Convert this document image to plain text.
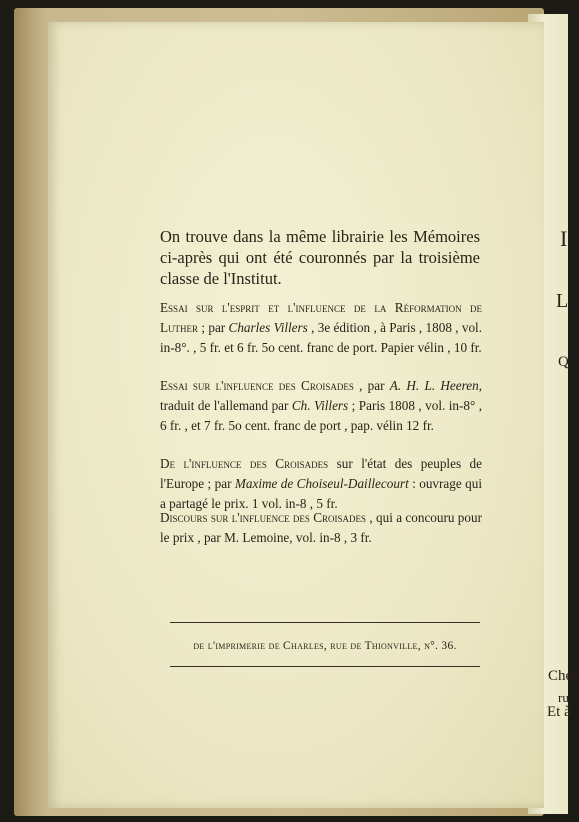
I
L
Q
Chez
ru
Et à
On trouve dans la même librairie les Mémoires ci-après qui ont été couronnés par la troisième classe de l'Institut.
Essai sur l'esprit et l'influence de la Réformation de Luther ; par Charles Villers , 3e édition , à Paris , 1808 , vol. in-8°. , 5 fr. et 6 fr. 5o cent. franc de port. Papier vélin , 10 fr.
Essai sur l'influence des Croisades , par A. H. L. Heeren, traduit de l'allemand par Ch. Villers ; Paris 1808 , vol. in-8° , 6 fr. , et 7 fr. 5o cent. franc de port , pap. vélin 12 fr.
De l'influence des Croisades sur l'état des peuples de l'Europe ; par Maxime de Choiseul-Daillecourt : ouvrage qui a partagé le prix. 1 vol. in-8 , 5 fr.
Discours sur l'influence des Croisades , qui a concouru pour le prix , par M. Lemoine, vol. in-8 , 3 fr.
de l'imprimerie de Charles, rue de Thionville, n°. 36.
